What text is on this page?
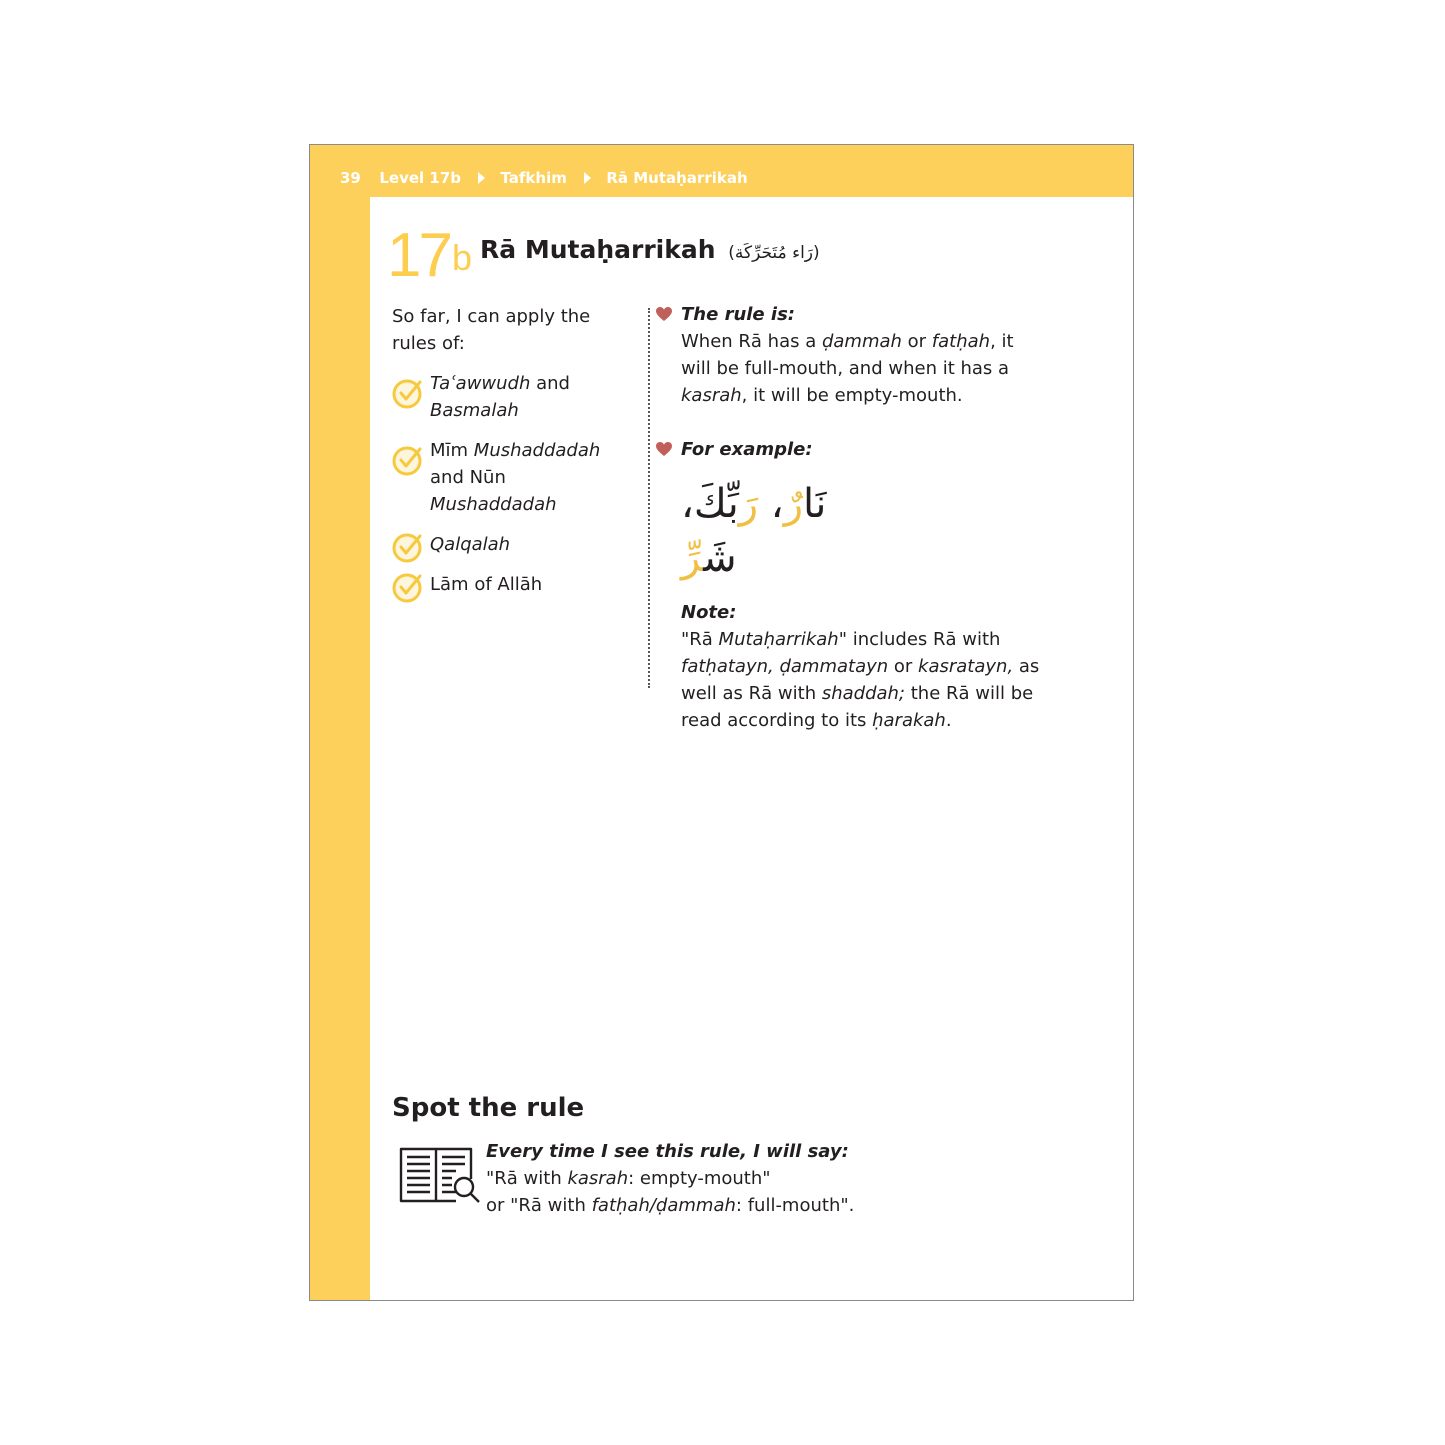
39 Level 17b	Tafkhim	Rā Mutaḥarrikah
17b Rā Mutaḥarrikah (رَاء مُتَحَرِّكَة)

So far, I can apply the rules of:

Taʿawwudh and Basmalah
Mīm Mushaddadah and Nūn Mushaddadah
Qalqalah
Lām of Allāh
The rule is:
When Rā has a ḍammah or fatḥah, it will be full-mouth, and when it has a kasrah, it will be empty-mouth.
For example:
نَارٌ، رَبِّكَ، شَرِّ
Note:
"Rā Mutaḥarrikah" includes Rā with fatḥatayn, ḍammatayn or kasratayn, as well as Rā with shaddah; the Rā will be read according to its ḥarakah.
Spot the rule
Every time I see this rule, I will say:
"Rā with kasrah: empty-mouth"
or "Rā with fatḥah/ḍammah: full-mouth".
